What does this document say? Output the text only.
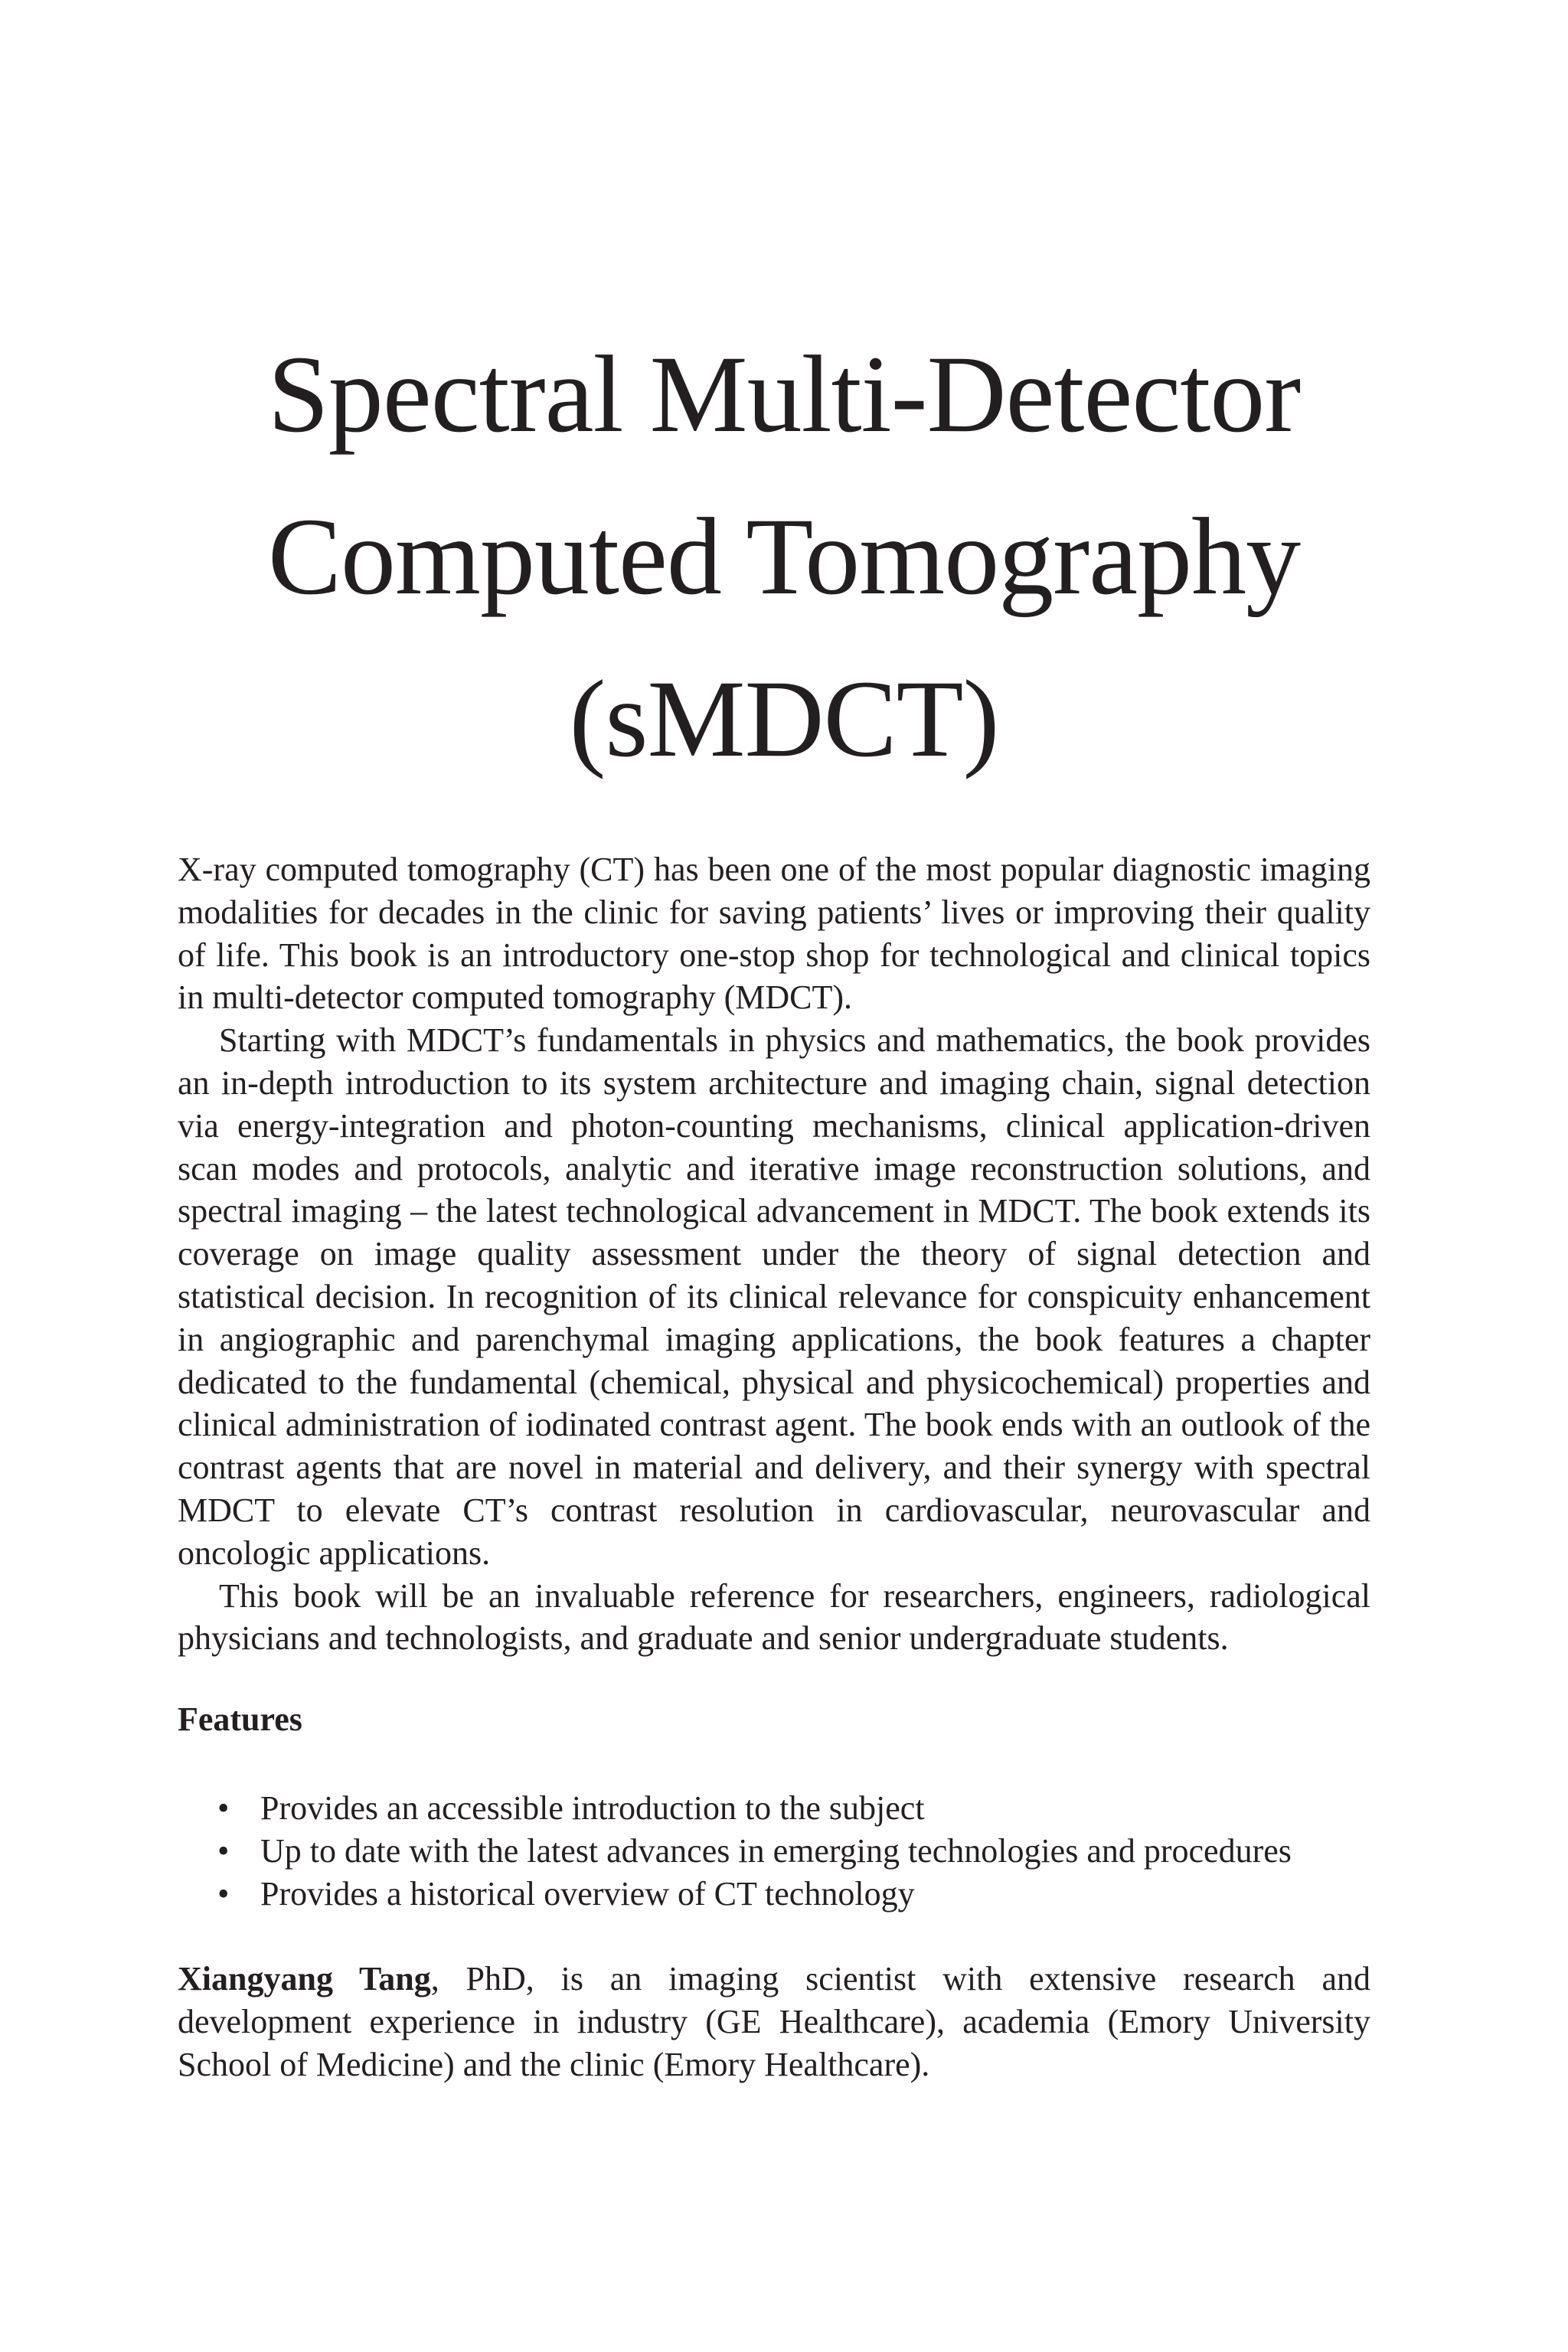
Spectral Multi-Detector
Computed Tomography
(sMDCT)

X-ray computed tomography (CT) has been one of the most popular diagnostic imaging modalities for decades in the clinic for saving patients’ lives or improving their quality of life. This book is an introductory one-stop shop for technological and clinical topics in multi-detector computed tomography (MDCT).

Starting with MDCT’s fundamentals in physics and mathematics, the book provides an in-depth introduction to its system architecture and imaging chain, signal detection via energy-integration and photon-counting mechanisms, clinical application-driven scan modes and protocols, analytic and iterative image reconstruction solutions, and spectral imaging – the latest technological advancement in MDCT. The book extends its coverage on image quality assessment under the theory of signal detection and statistical decision. In recognition of its clinical relevance for conspicuity enhancement in angiographic and parenchymal imaging applications, the book features a chapter dedicated to the fundamental (chemical, physical and physicochemical) properties and clinical administration of iodinated contrast agent. The book ends with an outlook of the contrast agents that are novel in material and delivery, and their synergy with spectral MDCT to elevate CT’s contrast resolution in cardiovascular, neurovascular and oncologic applications.

This book will be an invaluable reference for researchers, engineers, radiological physicians and technologists, and graduate and senior undergraduate students.

Features

• Provides an accessible introduction to the subject
• Up to date with the latest advances in emerging technologies and procedures
• Provides a historical overview of CT technology

Xiangyang Tang, PhD, is an imaging scientist with extensive research and development experience in industry (GE Healthcare), academia (Emory University School of Medicine) and the clinic (Emory Healthcare).
